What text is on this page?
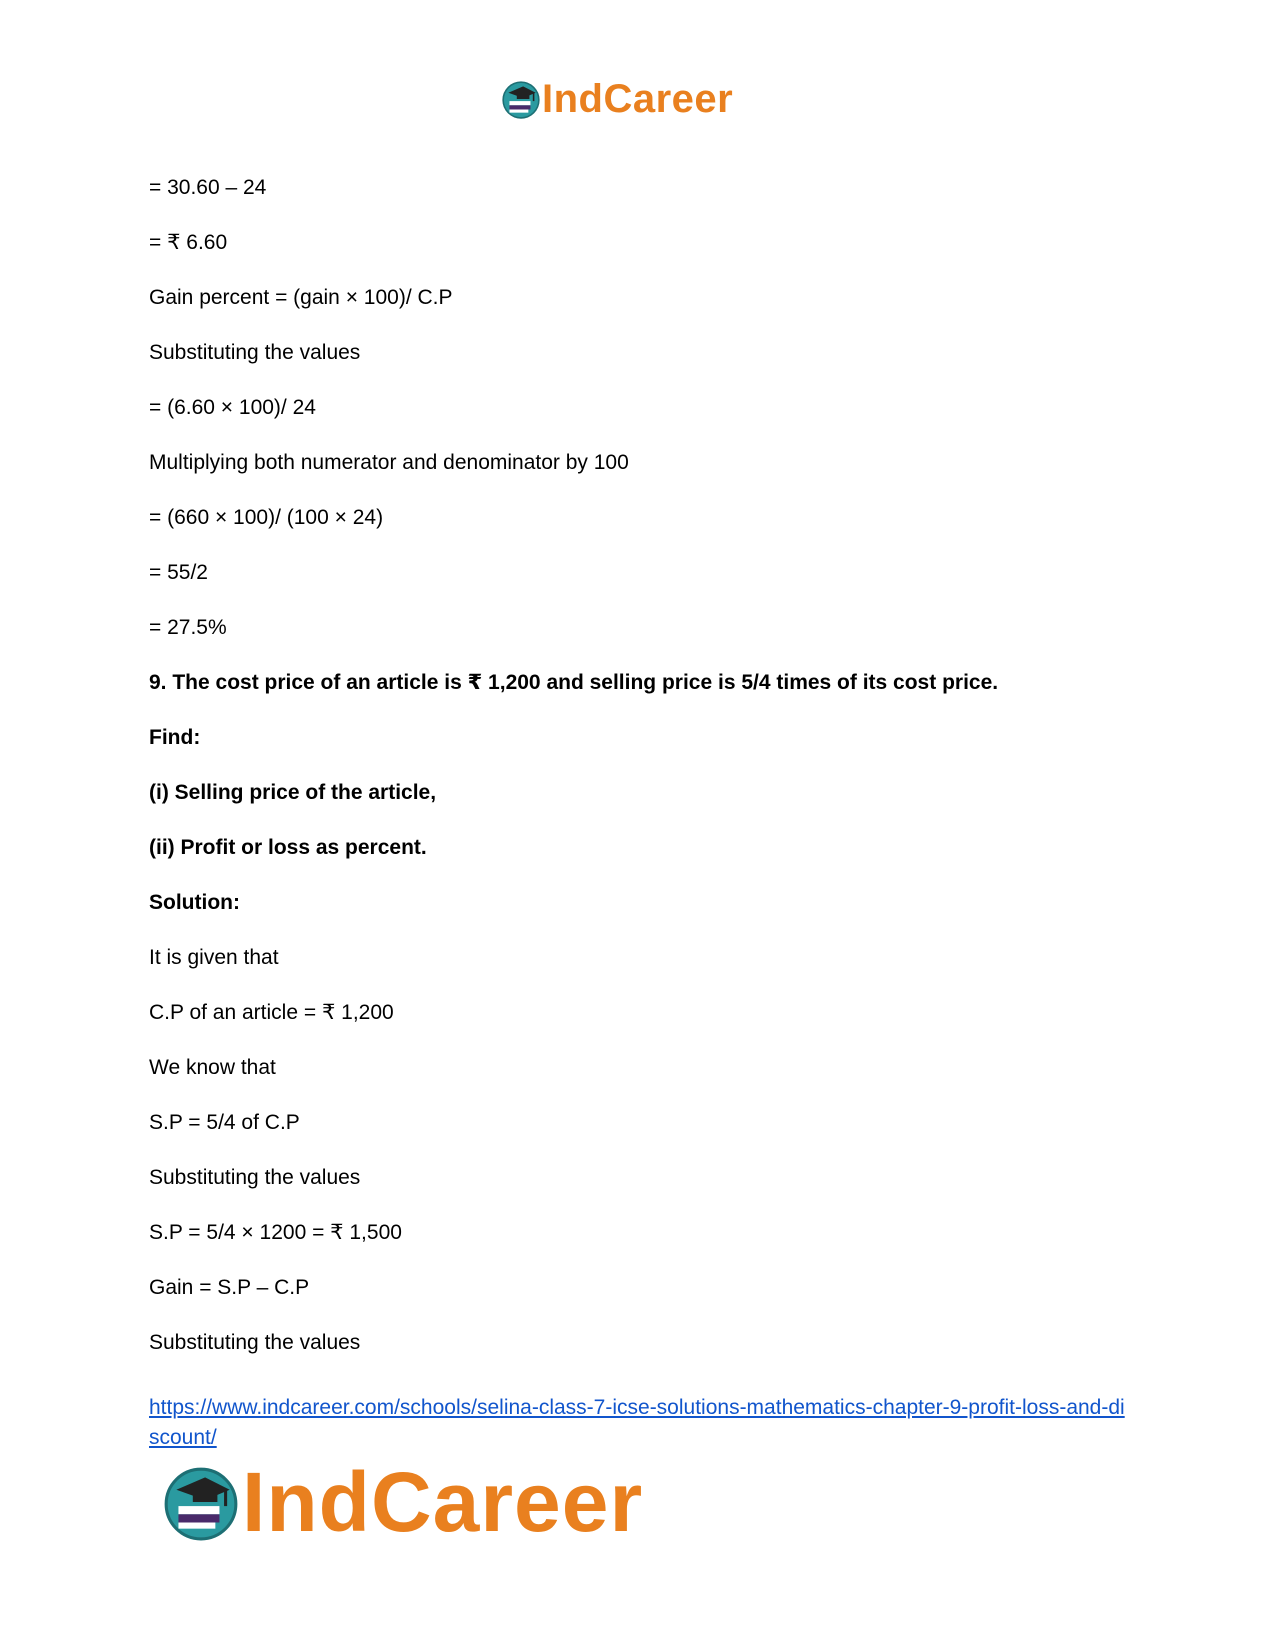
IndCareer
= 30.60 – 24
= ₹ 6.60
Gain percent = (gain × 100)/ C.P
Substituting the values
= (6.60 × 100)/ 24
Multiplying both numerator and denominator by 100
= (660 × 100)/ (100 × 24)
= 55/2
= 27.5%
9. The cost price of an article is ₹ 1,200 and selling price is 5/4 times of its cost price.
Find:
(i) Selling price of the article,
(ii) Profit or loss as percent.
Solution:
It is given that
C.P of an article = ₹ 1,200
We know that
S.P = 5/4 of C.P
Substituting the values
S.P = 5/4 × 1200 = ₹ 1,500
Gain = S.P – C.P
Substituting the values
https://www.indcareer.com/schools/selina-class-7-icse-solutions-mathematics-chapter-9-profit-loss-and-discount/
IndCareer
